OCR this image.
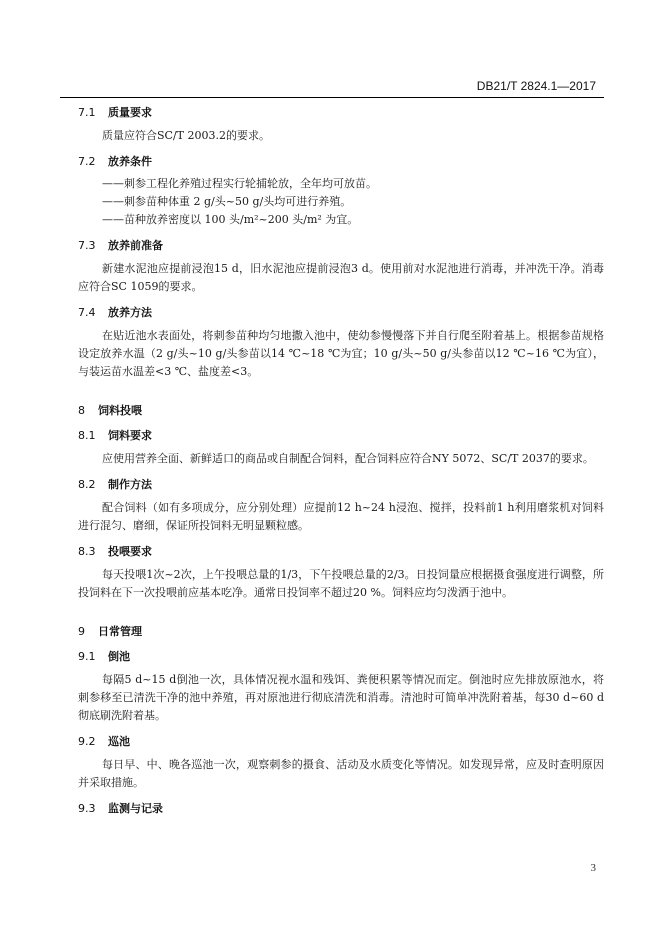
DB21/T 2824.1—2017
7.1 质量要求

质量应符合SC/T 2003.2的要求。

7.2 放养条件

——刺参工程化养殖过程实行轮捕轮放，全年均可放苗。

——刺参苗种体重 2 g/头~50 g/头均可进行养殖。

——苗种放养密度以 100 头/m²~200 头/m² 为宜。

7.3 放养前准备

新建水泥池应提前浸泡15 d，旧水泥池应提前浸泡3 d。使用前对水泥池进行消毒，并冲洗干净。消毒应符合SC 1059的要求。

7.4 放养方法

在贴近池水表面处，将刺参苗种均匀地撒入池中，使幼参慢慢落下并自行爬至附着基上。根据参苗规格设定放养水温（2 g/头~10 g/头参苗以14 ℃~18 ℃为宜；10 g/头~50 g/头参苗以12 ℃~16 ℃为宜），与装运苗水温差<3 ℃、盐度差<3。

8 饲料投喂
8.1 饲料要求

应使用营养全面、新鲜适口的商品或自制配合饲料，配合饲料应符合NY 5072、SC/T 2037的要求。

8.2 制作方法

配合饲料（如有多项成分，应分别处理）应提前12 h~24 h浸泡、搅拌，投料前1 h利用磨浆机对饲料进行混匀、磨细，保证所投饲料无明显颗粒感。

8.3 投喂要求

每天投喂1次~2次，上午投喂总量的1/3，下午投喂总量的2/3。日投饲量应根据摄食强度进行调整，所投饲料在下一次投喂前应基本吃净。通常日投饲率不超过20 %。饲料应均匀泼洒于池中。

9 日常管理
9.1 倒池

每隔5 d~15 d倒池一次，具体情况视水温和残饵、粪便积累等情况而定。倒池时应先排放原池水，将刺参移至已清洗干净的池中养殖，再对原池进行彻底清洗和消毒。清池时可简单冲洗附着基，每30 d~60 d彻底刷洗附着基。

9.2 巡池

每日早、中、晚各巡池一次，观察刺参的摄食、活动及水质变化等情况。如发现异常，应及时查明原因并采取措施。

9.3 监测与记录
3
